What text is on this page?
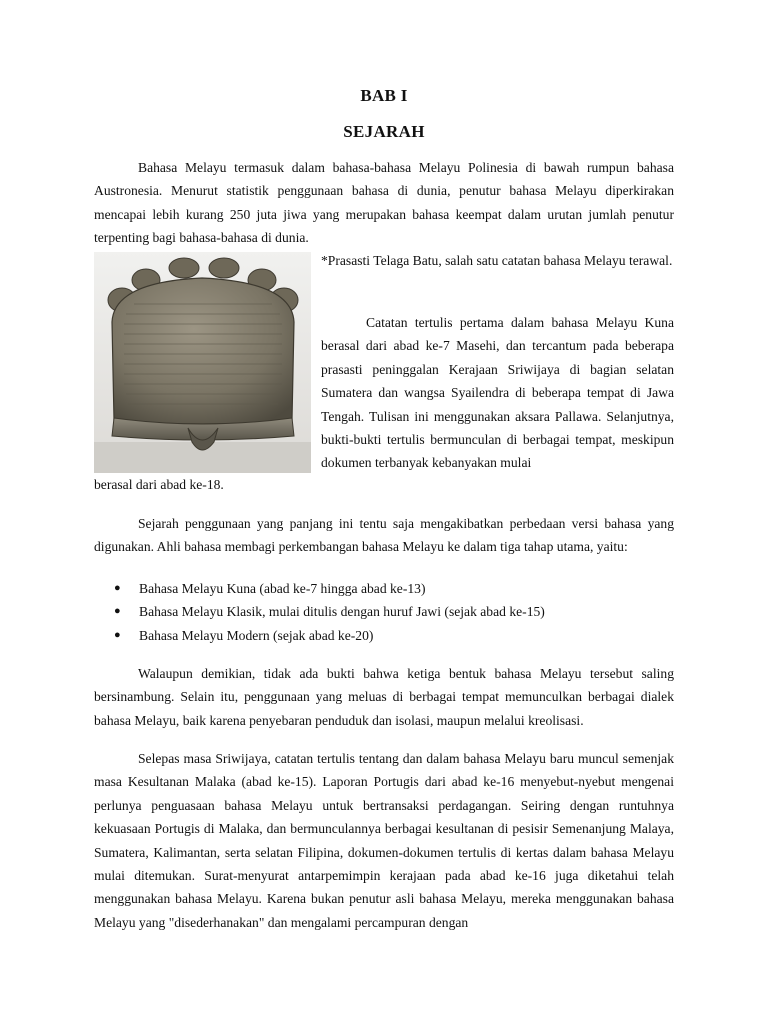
BAB I
SEJARAH

Bahasa Melayu termasuk dalam bahasa-bahasa Melayu Polinesia di bawah rumpun bahasa Austronesia. Menurut statistik penggunaan bahasa di dunia, penutur bahasa Melayu diperkirakan mencapai lebih kurang 250 juta jiwa yang merupakan bahasa keempat dalam urutan jumlah penutur terpenting bagi bahasa-bahasa di dunia.

*Prasasti Telaga Batu, salah satu catatan bahasa Melayu terawal.

Catatan tertulis pertama dalam bahasa Melayu Kuna berasal dari abad ke-7 Masehi, dan tercantum pada beberapa prasasti peninggalan Kerajaan Sriwijaya di bagian selatan Sumatera dan wangsa Syailendra di beberapa tempat di Jawa Tengah. Tulisan ini menggunakan aksara Pallawa. Selanjutnya, bukti-bukti tertulis bermunculan di berbagai tempat, meskipun dokumen terbanyak kebanyakan mulai

berasal dari abad ke-18.

Sejarah penggunaan yang panjang ini tentu saja mengakibatkan perbedaan versi bahasa yang digunakan. Ahli bahasa membagi perkembangan bahasa Melayu ke dalam tiga tahap utama, yaitu:

● Bahasa Melayu Kuna (abad ke-7 hingga abad ke-13)
● Bahasa Melayu Klasik, mulai ditulis dengan huruf Jawi (sejak abad ke-15)
● Bahasa Melayu Modern (sejak abad ke-20)

Walaupun demikian, tidak ada bukti bahwa ketiga bentuk bahasa Melayu tersebut saling bersinambung. Selain itu, penggunaan yang meluas di berbagai tempat memunculkan berbagai dialek bahasa Melayu, baik karena penyebaran penduduk dan isolasi, maupun melalui kreolisasi.

Selepas masa Sriwijaya, catatan tertulis tentang dan dalam bahasa Melayu baru muncul semenjak masa Kesultanan Malaka (abad ke-15). Laporan Portugis dari abad ke-16 menyebut-nyebut mengenai perlunya penguasaan bahasa Melayu untuk bertransaksi perdagangan. Seiring dengan runtuhnya kekuasaan Portugis di Malaka, dan bermunculannya berbagai kesultanan di pesisir Semenanjung Malaya, Sumatera, Kalimantan, serta selatan Filipina, dokumen-dokumen tertulis di kertas dalam bahasa Melayu mulai ditemukan. Surat-menyurat antarpemimpin kerajaan pada abad ke-16 juga diketahui telah menggunakan bahasa Melayu. Karena bukan penutur asli bahasa Melayu, mereka menggunakan bahasa Melayu yang "disederhanakan" dan mengalami percampuran dengan
